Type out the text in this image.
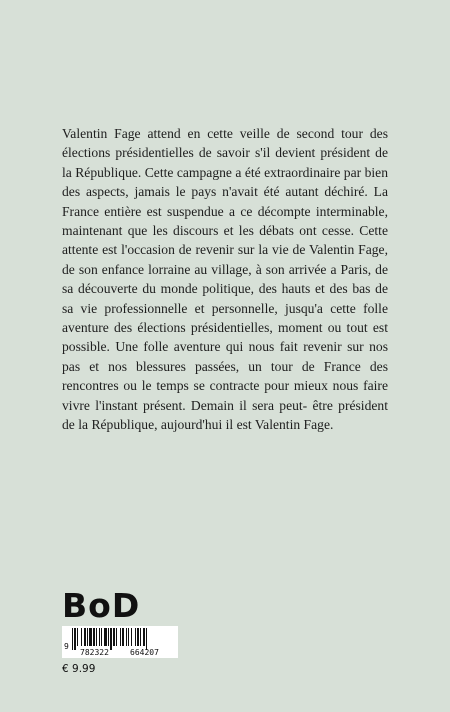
Valentin Fage attend en cette veille de second tour des élections présidentielles de savoir s'il devient président de la République. Cette campagne a été extraordinaire par bien des aspects, jamais le pays n'avait été autant déchiré. La France entière est suspendue a ce décompte interminable, maintenant que les discours et les débats ont cesse. Cette attente est l'occasion de revenir sur la vie de Valentin Fage, de son enfance lorraine au village, à son arrivée a Paris, de sa découverte du monde politique, des hauts et des bas de sa vie professionnelle et personnelle, jusqu'a cette folle aventure des élections présidentielles, moment ou tout est possible. Une folle aventure qui nous fait revenir sur nos pas et nos blessures passées, un tour de France des rencontres ou le temps se contracte pour mieux nous faire vivre l'instant présent. Demain il sera peut- être président de la République, aujourd'hui il est Valentin Fage.

BoD
9
782322	664207
€ 9.99
